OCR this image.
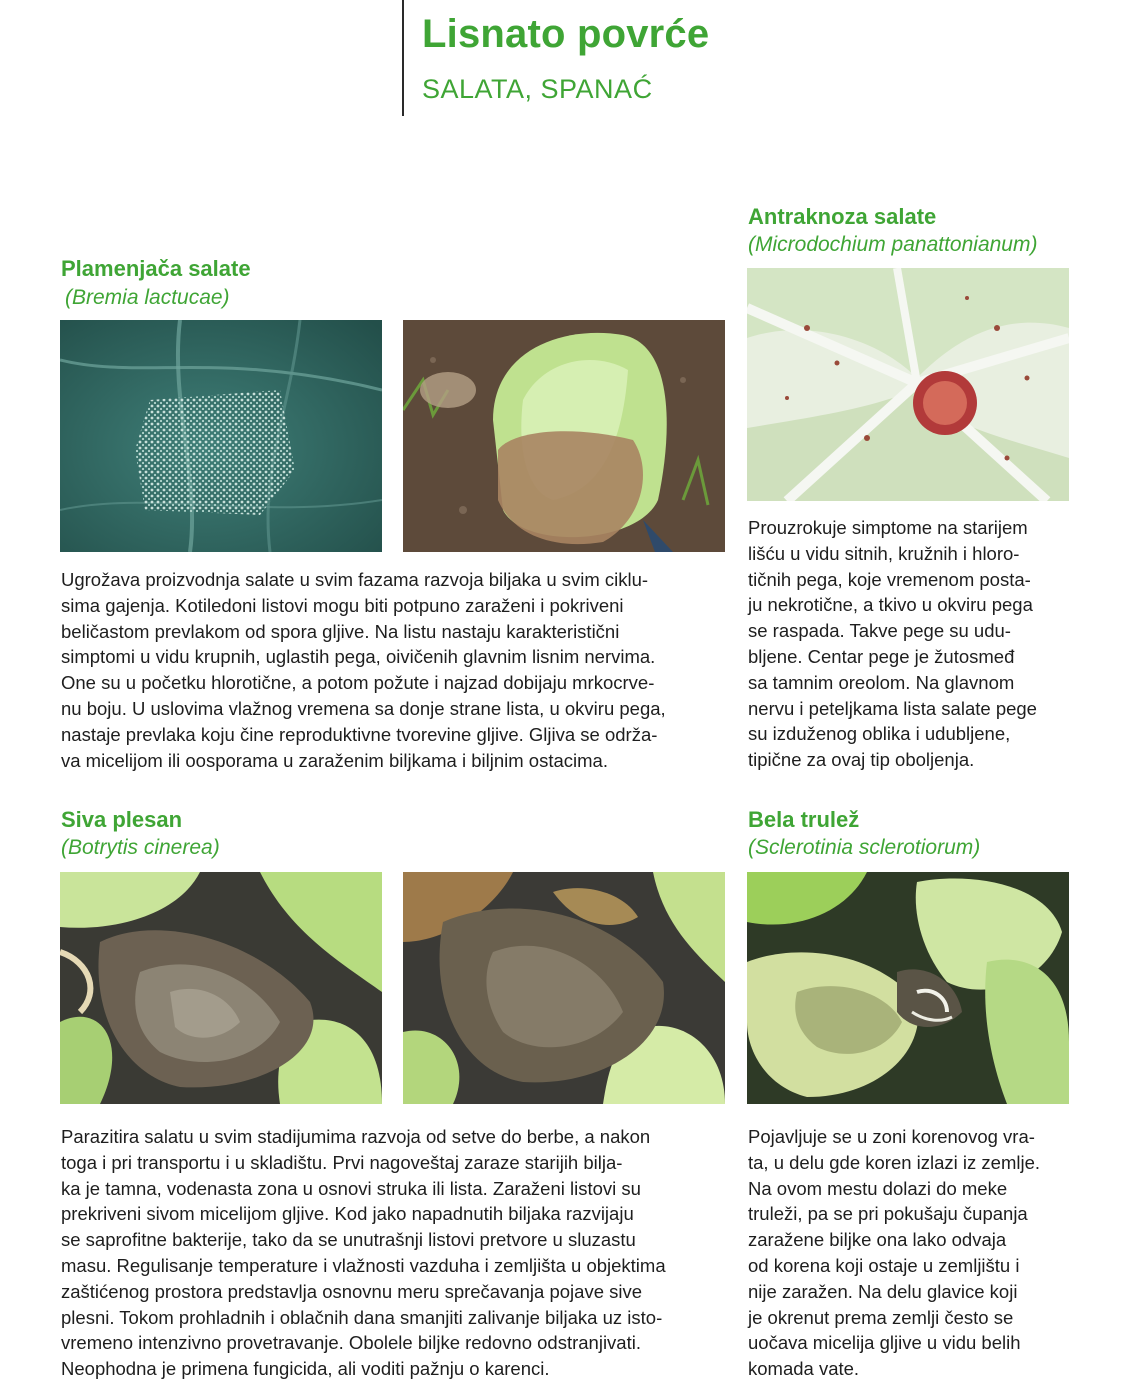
Lisnato povrće
SALATA, SPANAĆ
Plamenjača salate
(Bremia lactucae)
Ugrožava proizvodnja salate u svim fazama razvoja biljaka u svim ciklu-
sima gajenja. Kotiledoni listovi mogu biti potpuno zaraženi i pokriveni
beličastom prevlakom od spora gljive. Na listu nastaju karakteristični
simptomi u vidu krupnih, uglastih pega, oivičenih glavnim lisnim nervima.
One su u početku hlorotične, a potom požute i najzad dobijaju mrkocrve-
nu boju. U uslovima vlažnog vremena sa donje strane lista, u okviru pega,
nastaje prevlaka koju čine reproduktivne tvorevine gljive. Gljiva se održa-
va micelijom ili oosporama u zaraženim biljkama i biljnim ostacima.
Antraknoza salate
(Microdochium panattonianum)
Prouzrokuje simptome na starijem
lišću u vidu sitnih, kružnih i hloro-
tičnih pega, koje vremenom posta-
ju nekrotične, a tkivo u okviru pega
se raspada. Takve pege su udu-
bljene. Centar pege je žutosmeđ
sa tamnim oreolom. Na glavnom
nervu i peteljkama lista salate pege
su izduženog oblika i udubljene,
tipične za ovaj tip oboljenja.
Siva plesan
(Botrytis cinerea)
Parazitira salatu u svim stadijumima razvoja od setve do berbe, a nakon
toga i pri transportu i u skladištu. Prvi nagoveštaj zaraze starijih bilja-
ka je tamna, vodenasta zona u osnovi struka ili lista. Zaraženi listovi su
prekriveni sivom micelijom gljive. Kod jako napadnutih biljaka razvijaju
se saprofitne bakterije, tako da se unutrašnji listovi pretvore u sluzastu
masu. Regulisanje temperature i vlažnosti vazduha i zemljišta u objektima
zaštićenog prostora predstavlja osnovnu meru sprečavanja pojave sive
plesni. Tokom prohladnih i oblačnih dana smanjiti zalivanje biljaka uz isto-
vremeno intenzivno provetravanje. Obolele biljke redovno odstranjivati.
Neophodna je primena fungicida, ali voditi pažnju o karenci.
Bela trulež
(Sclerotinia sclerotiorum)
Pojavljuje se u zoni korenovog vra-
ta, u delu gde koren izlazi iz zemlje.
Na ovom mestu dolazi do meke
truleži, pa se pri pokušaju čupanja
zaražene biljke ona lako odvaja
od korena koji ostaje u zemljištu i
nije zaražen. Na delu glavice koji
je okrenut prema zemlji često se
uočava micelija gljive u vidu belih
komada vate.
